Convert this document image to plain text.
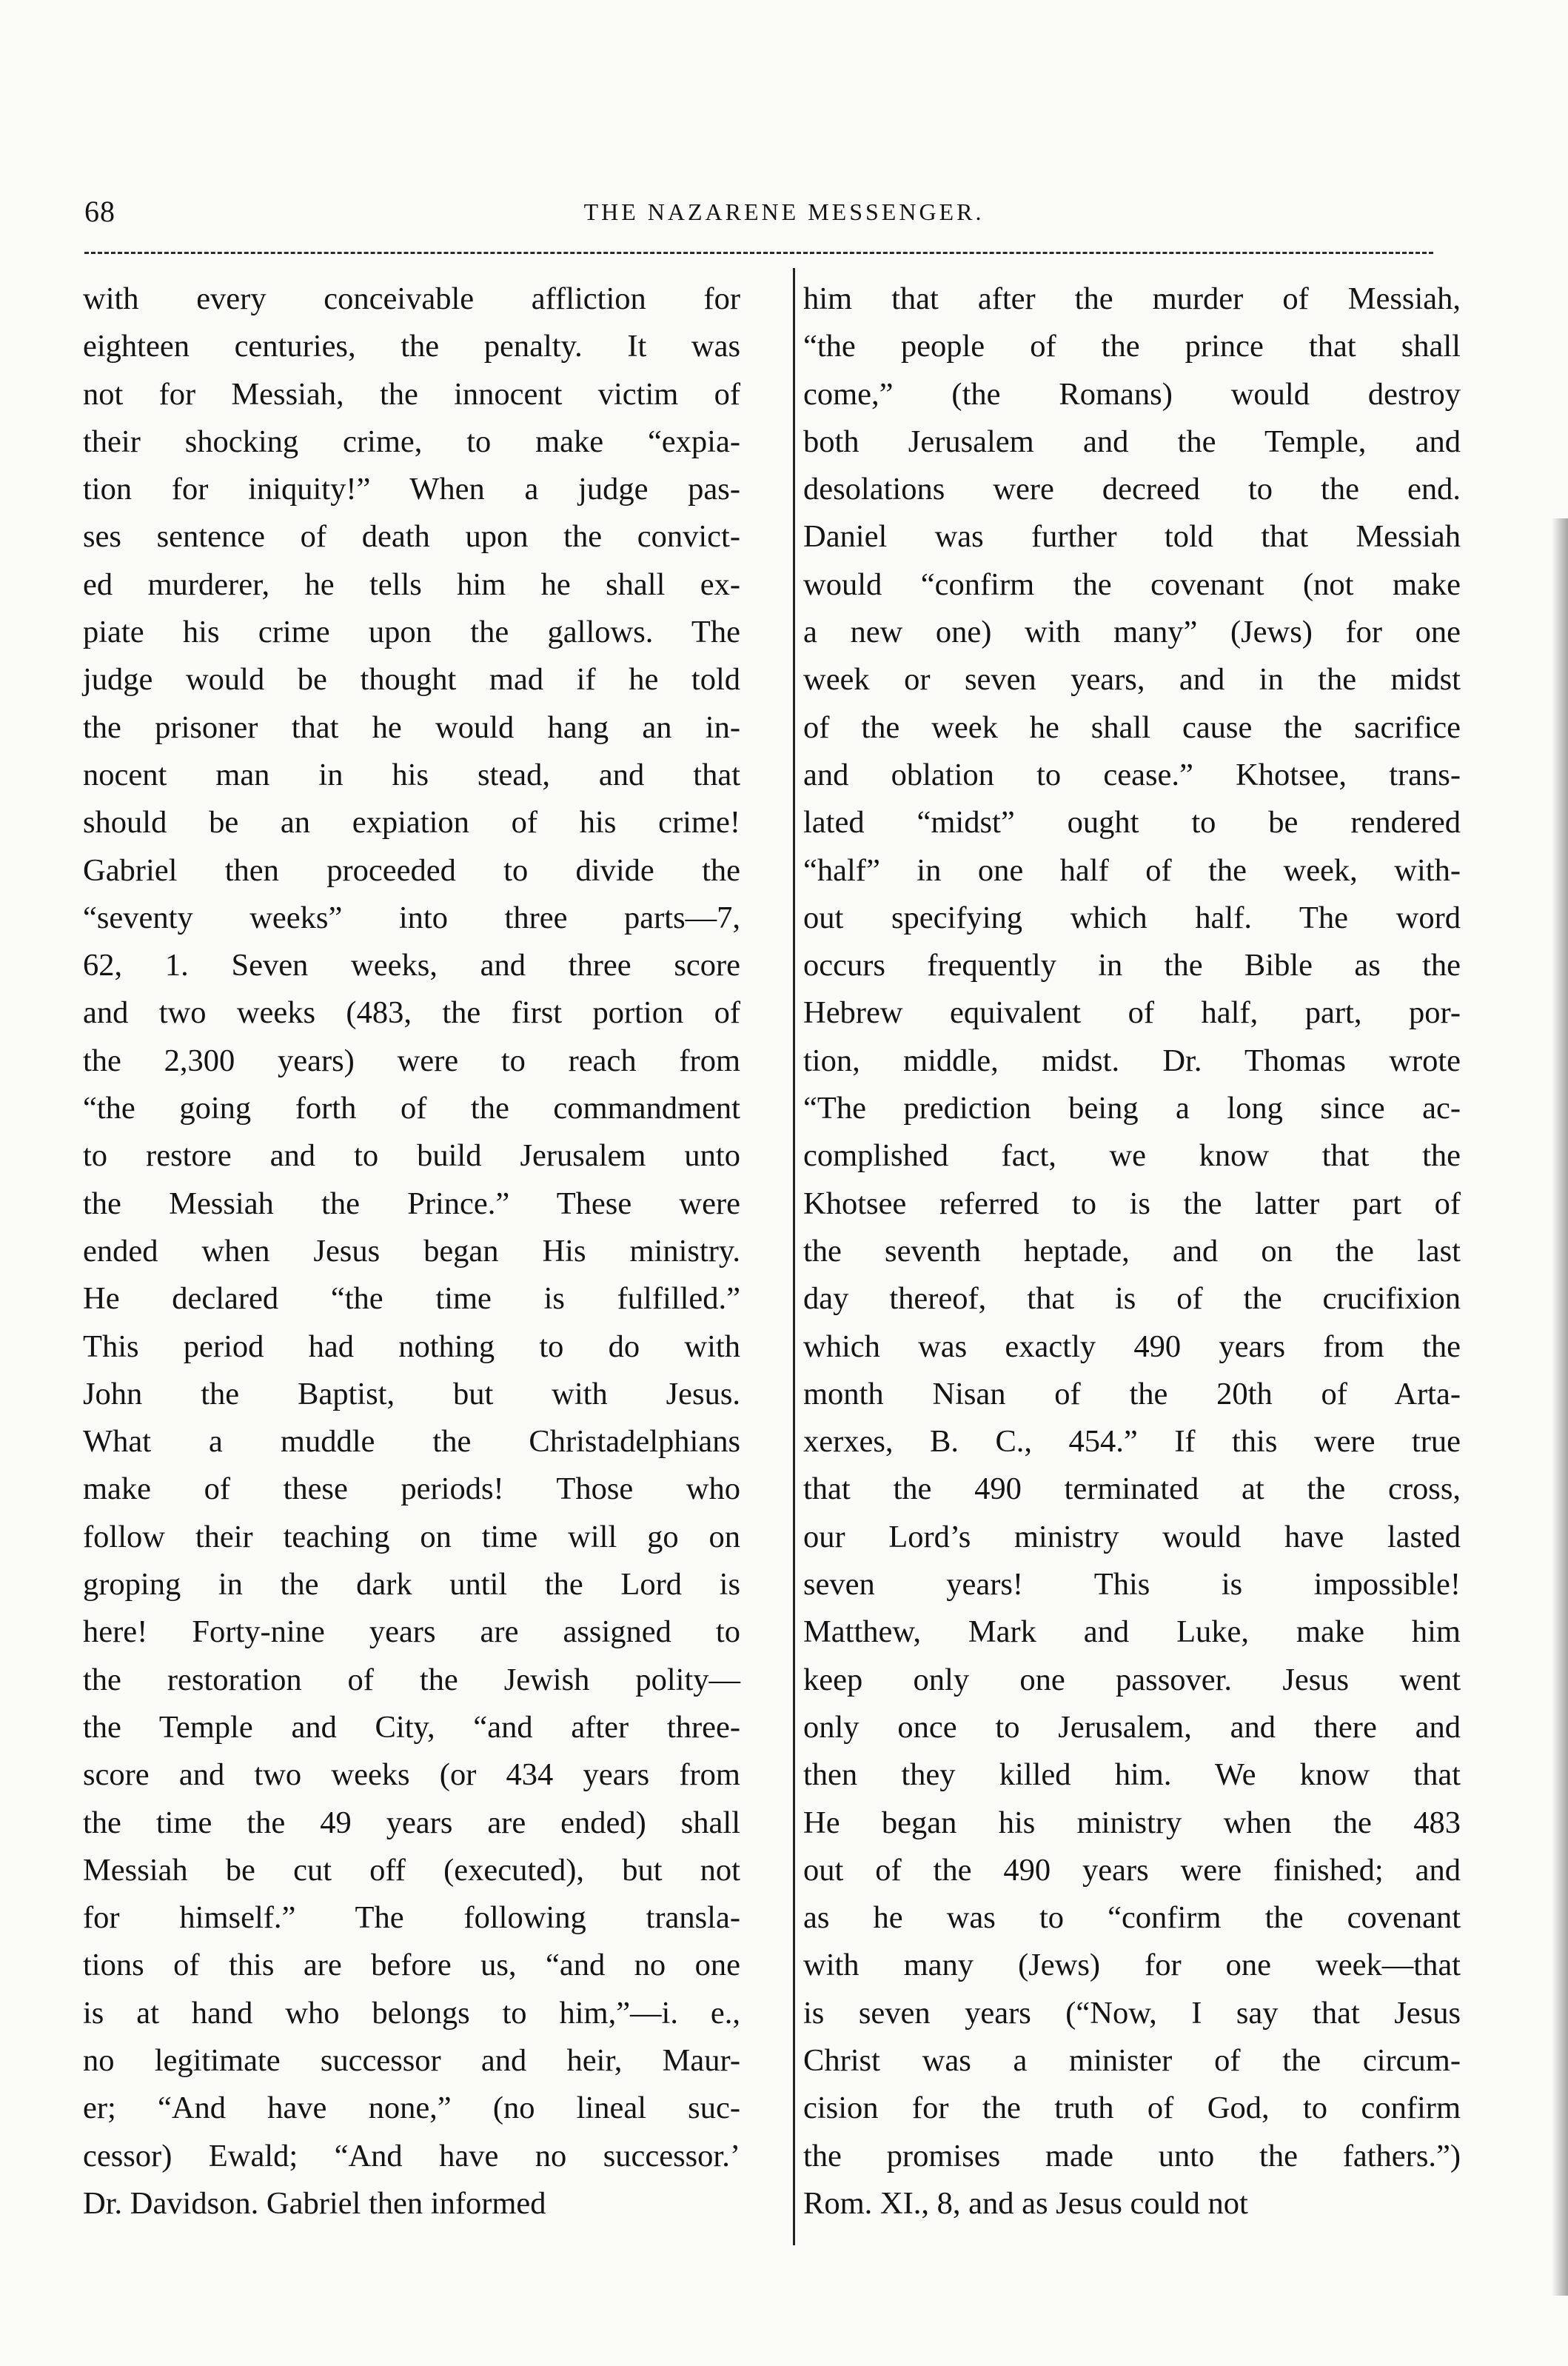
68	THE NAZARENE MESSENGER.
with every conceivable affliction for
eighteen centuries, the penalty. It was
not for Messiah, the innocent victim of
their shocking crime, to make “expia-
tion for iniquity!” When a judge pas-
ses sentence of death upon the convict-
ed murderer, he tells him he shall ex-
piate his crime upon the gallows. The
judge would be thought mad if he told
the prisoner that he would hang an in-
nocent man in his stead, and that
should be an expiation of his crime!
Gabriel then proceeded to divide the
“seventy weeks” into three parts—7,
62, 1. Seven weeks, and three score
and two weeks (483, the first portion of
the 2,300 years) were to reach from
“the going forth of the commandment
to restore and to build Jerusalem unto
the Messiah the Prince.” These were
ended when Jesus began His ministry.
He declared “the time is fulfilled.”
This period had nothing to do with
John the Baptist, but with Jesus.
What a muddle the Christadelphians
make of these periods! Those who
follow their teaching on time will go on
groping in the dark until the Lord is
here! Forty-nine years are assigned to
the restoration of the Jewish polity—
the Temple and City, “and after three-
score and two weeks (or 434 years from
the time the 49 years are ended) shall
Messiah be cut off (executed), but not
for himself.” The following transla-
tions of this are before us, “and no one
is at hand who belongs to him,”—i. e.,
no legitimate successor and heir, Maur-
er; “And have none,” (no lineal suc-
cessor) Ewald; “And have no successor.’
Dr. Davidson. Gabriel then informed
him that after the murder of Messiah,
“the people of the prince that shall
come,” (the Romans) would destroy
both Jerusalem and the Temple, and
desolations were decreed to the end.
Daniel was further told that Messiah
would “confirm the covenant (not make
a new one) with many” (Jews) for one
week or seven years, and in the midst
of the week he shall cause the sacrifice
and oblation to cease.” Khotsee, trans-
lated “midst” ought to be rendered
“half” in one half of the week, with-
out specifying which half. The word
occurs frequently in the Bible as the
Hebrew equivalent of half, part, por-
tion, middle, midst. Dr. Thomas wrote
“The prediction being a long since ac-
complished fact, we know that the
Khotsee referred to is the latter part of
the seventh heptade, and on the last
day thereof, that is of the crucifixion
which was exactly 490 years from the
month Nisan of the 20th of Arta-
xerxes, B. C., 454.” If this were true
that the 490 terminated at the cross,
our Lord’s ministry would have lasted
seven years! This is impossible!
Matthew, Mark and Luke, make him
keep only one passover. Jesus went
only once to Jerusalem, and there and
then they killed him. We know that
He began his ministry when the 483
out of the 490 years were finished; and
as he was to “confirm the covenant
with many (Jews) for one week—that
is seven years (“Now, I say that Jesus
Christ was a minister of the circum-
cision for the truth of God, to confirm
the promises made unto the fathers.”)
Rom. XI., 8, and as Jesus could not
